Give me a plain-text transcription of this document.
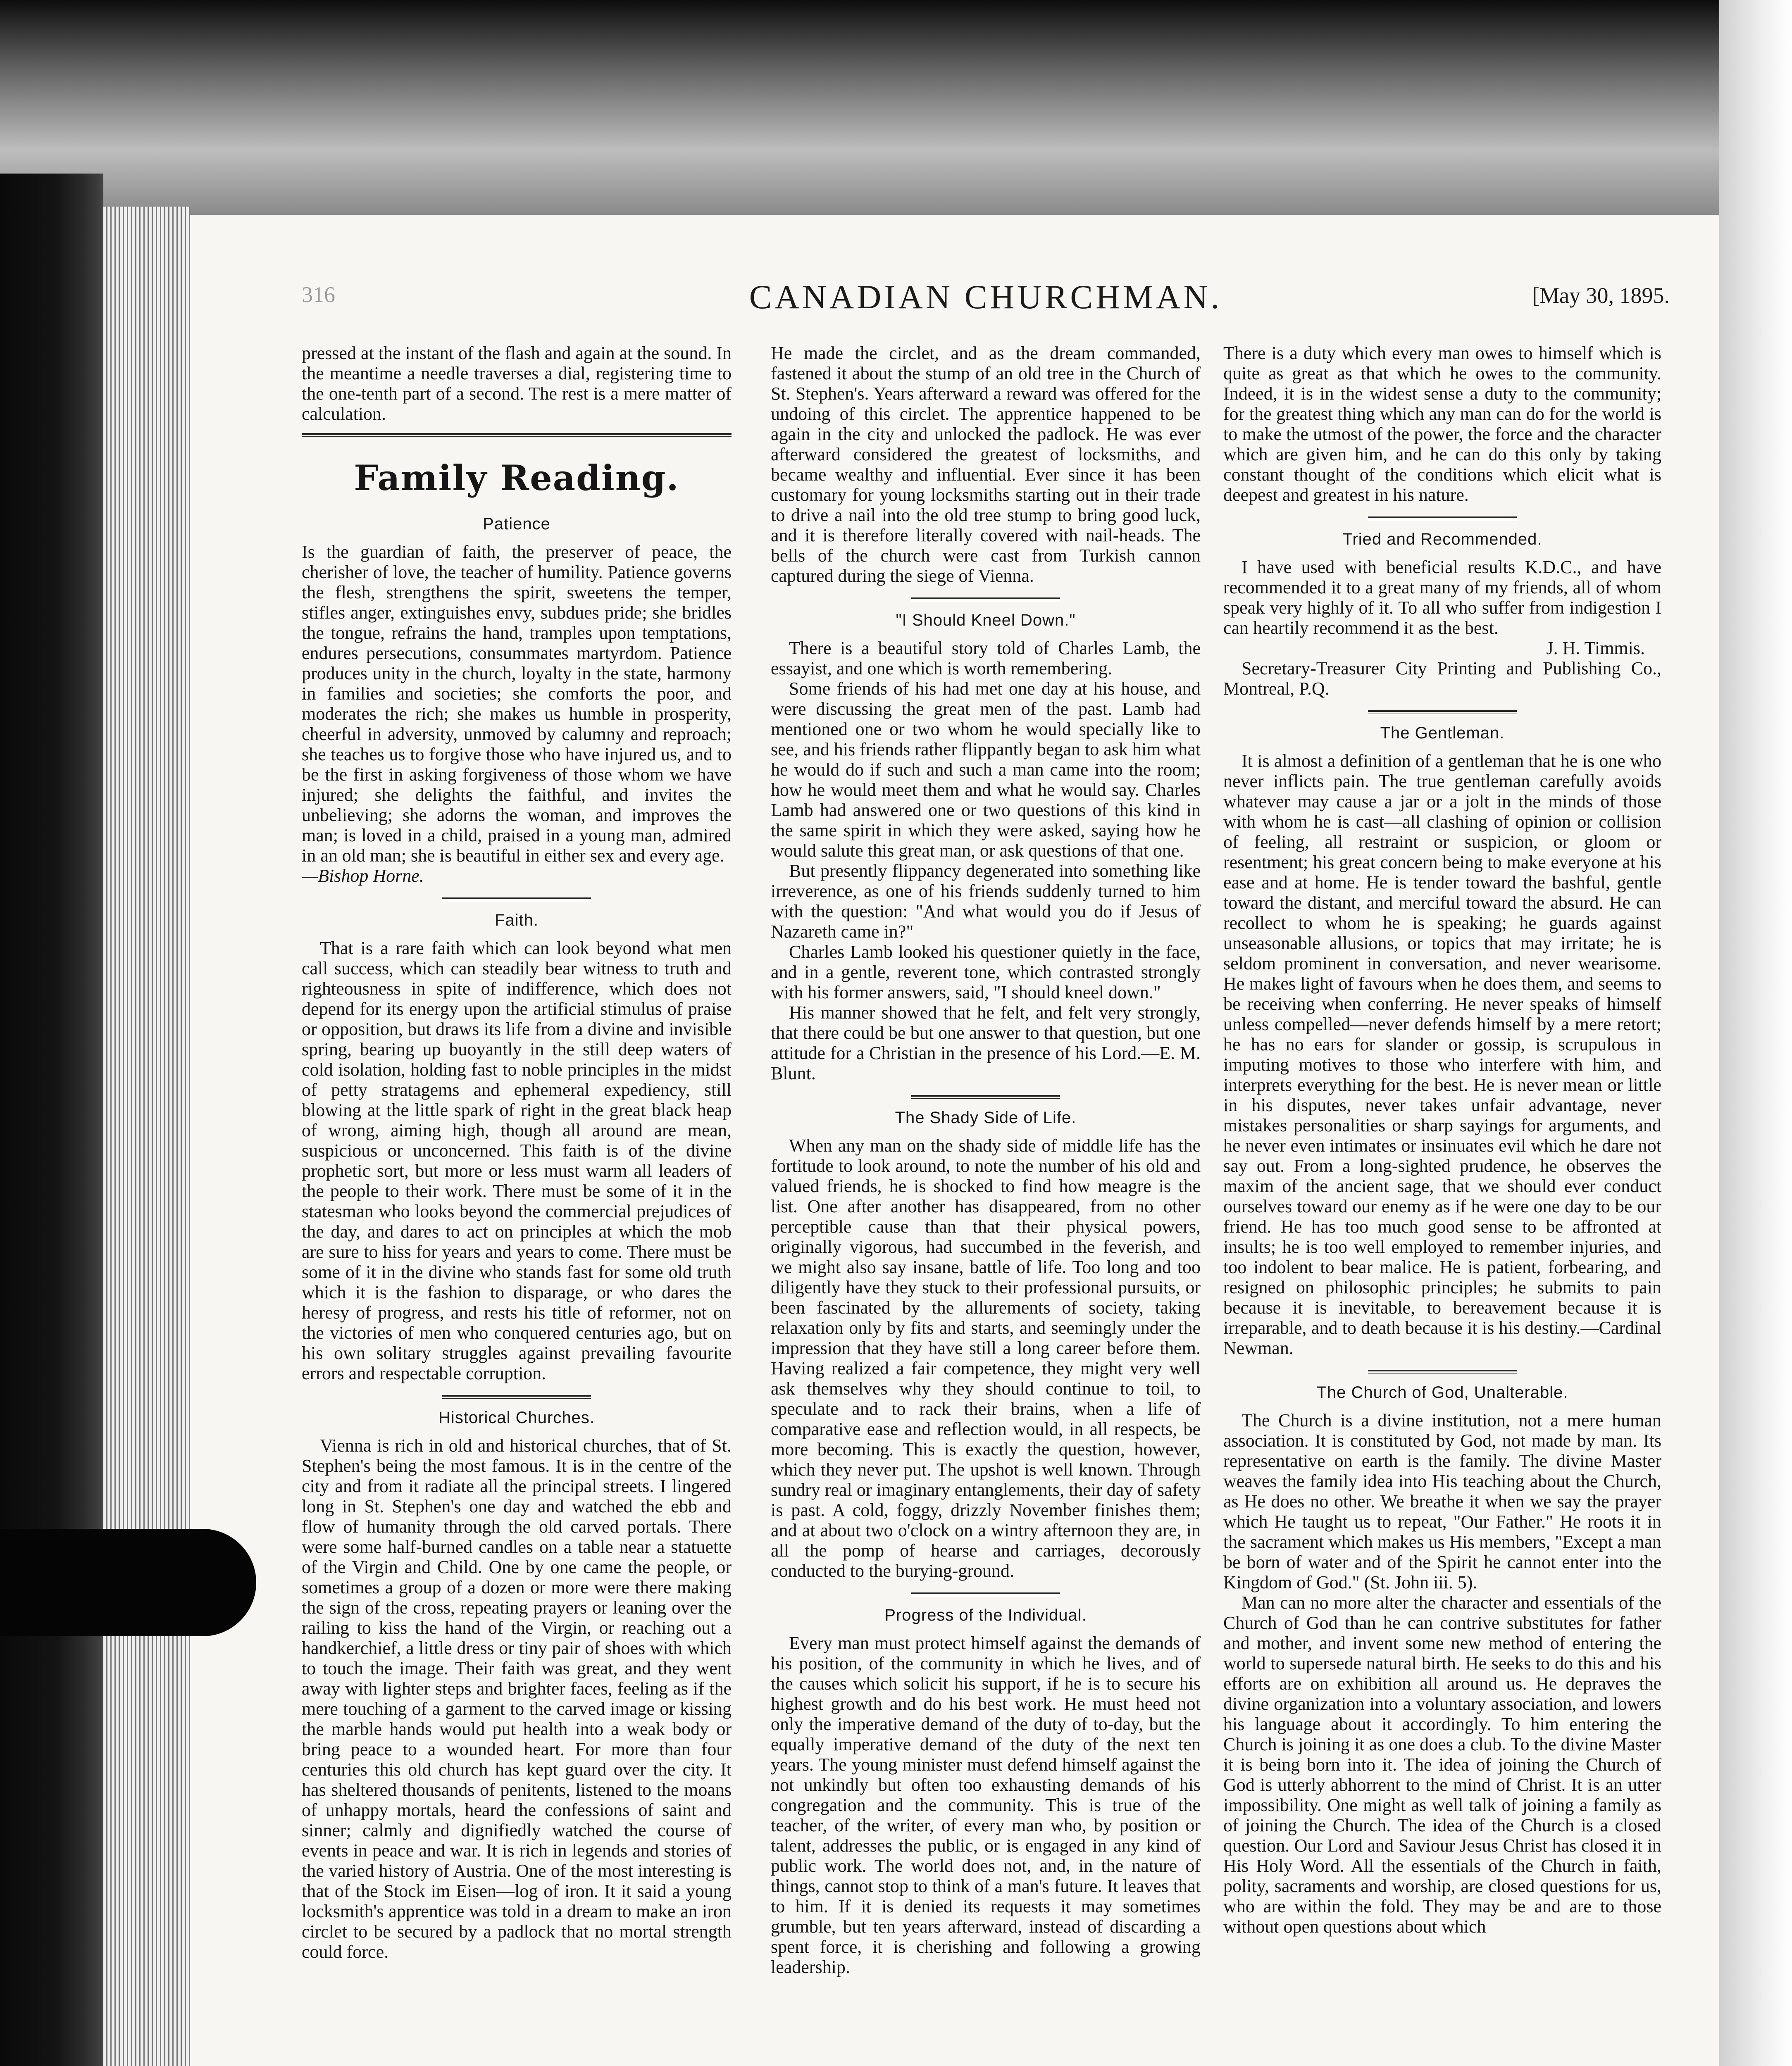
316	CANADIAN CHURCHMAN.	[May 30, 1895.

pressed at the instant of the flash and again at the sound. In the meantime a needle traverses a dial, registering time to the one-tenth part of a second. The rest is a mere matter of calculation.

Family Reading.
Patience

Is the guardian of faith, the preserver of peace, the cherisher of love, the teacher of humility. Patience governs the flesh, strengthens the spirit, sweetens the temper, stifles anger, extinguishes envy, subdues pride; she bridles the tongue, refrains the hand, tramples upon temptations, endures persecutions, consummates martyrdom. Patience produces unity in the church, loyalty in the state, harmony in families and societies; she comforts the poor, and moderates the rich; she makes us humble in prosperity, cheerful in adversity, unmoved by calumny and reproach; she teaches us to forgive those who have injured us, and to be the first in asking forgiveness of those whom we have injured; she delights the faithful, and invites the unbelieving; she adorns the woman, and improves the man; is loved in a child, praised in a young man, admired in an old man; she is beautiful in either sex and every age.

—Bishop Horne.

Faith.

That is a rare faith which can look beyond what men call success, which can steadily bear witness to truth and righteousness in spite of indifference, which does not depend for its energy upon the artificial stimulus of praise or opposition, but draws its life from a divine and invisible spring, bearing up buoyantly in the still deep waters of cold isolation, holding fast to noble principles in the midst of petty stratagems and ephemeral expediency, still blowing at the little spark of right in the great black heap of wrong, aiming high, though all around are mean, suspicious or unconcerned. This faith is of the divine prophetic sort, but more or less must warm all leaders of the people to their work. There must be some of it in the statesman who looks beyond the commercial prejudices of the day, and dares to act on principles at which the mob are sure to hiss for years and years to come. There must be some of it in the divine who stands fast for some old truth which it is the fashion to disparage, or who dares the heresy of progress, and rests his title of reformer, not on the victories of men who conquered centuries ago, but on his own solitary struggles against prevailing favourite errors and respectable corruption.

Historical Churches.

Vienna is rich in old and historical churches, that of St. Stephen's being the most famous. It is in the centre of the city and from it radiate all the principal streets. I lingered long in St. Stephen's one day and watched the ebb and flow of humanity through the old carved portals. There were some half-burned candles on a table near a statuette of the Virgin and Child. One by one came the people, or sometimes a group of a dozen or more were there making the sign of the cross, repeating prayers or leaning over the railing to kiss the hand of the Virgin, or reaching out a handkerchief, a little dress or tiny pair of shoes with which to touch the image. Their faith was great, and they went away with lighter steps and brighter faces, feeling as if the mere touching of a garment to the carved image or kissing the marble hands would put health into a weak body or bring peace to a wounded heart. For more than four centuries this old church has kept guard over the city. It has sheltered thousands of penitents, listened to the moans of unhappy mortals, heard the confessions of saint and sinner; calmly and dignifiedly watched the course of events in peace and war. It is rich in legends and stories of the varied history of Austria. One of the most interesting is that of the Stock im Eisen—log of iron. It it said a young locksmith's apprentice was told in a dream to make an iron circlet to be secured by a padlock that no mortal strength could force.

He made the circlet, and as the dream commanded, fastened it about the stump of an old tree in the Church of St. Stephen's. Years afterward a reward was offered for the undoing of this circlet. The apprentice happened to be again in the city and unlocked the padlock. He was ever afterward considered the greatest of locksmiths, and became wealthy and influential. Ever since it has been customary for young locksmiths starting out in their trade to drive a nail into the old tree stump to bring good luck, and it is therefore literally covered with nail-heads. The bells of the church were cast from Turkish cannon captured during the siege of Vienna.

"I Should Kneel Down."

There is a beautiful story told of Charles Lamb, the essayist, and one which is worth remembering.

Some friends of his had met one day at his house, and were discussing the great men of the past. Lamb had mentioned one or two whom he would specially like to see, and his friends rather flippantly began to ask him what he would do if such and such a man came into the room; how he would meet them and what he would say. Charles Lamb had answered one or two questions of this kind in the same spirit in which they were asked, saying how he would salute this great man, or ask questions of that one.

But presently flippancy degenerated into something like irreverence, as one of his friends suddenly turned to him with the question: "And what would you do if Jesus of Nazareth came in?"

Charles Lamb looked his questioner quietly in the face, and in a gentle, reverent tone, which contrasted strongly with his former answers, said, "I should kneel down."

His manner showed that he felt, and felt very strongly, that there could be but one answer to that question, but one attitude for a Christian in the presence of his Lord.—E. M. Blunt.

The Shady Side of Life.

When any man on the shady side of middle life has the fortitude to look around, to note the number of his old and valued friends, he is shocked to find how meagre is the list. One after another has disappeared, from no other perceptible cause than that their physical powers, originally vigorous, had succumbed in the feverish, and we might also say insane, battle of life. Too long and too diligently have they stuck to their professional pursuits, or been fascinated by the allurements of society, taking relaxation only by fits and starts, and seemingly under the impression that they have still a long career before them. Having realized a fair competence, they might very well ask themselves why they should continue to toil, to speculate and to rack their brains, when a life of comparative ease and reflection would, in all respects, be more becoming. This is exactly the question, however, which they never put. The upshot is well known. Through sundry real or imaginary entanglements, their day of safety is past. A cold, foggy, drizzly November finishes them; and at about two o'clock on a wintry afternoon they are, in all the pomp of hearse and carriages, decorously conducted to the burying-ground.

Progress of the Individual.

Every man must protect himself against the demands of his position, of the community in which he lives, and of the causes which solicit his support, if he is to secure his highest growth and do his best work. He must heed not only the imperative demand of the duty of to-day, but the equally imperative demand of the duty of the next ten years. The young minister must defend himself against the not unkindly but often too exhausting demands of his congregation and the community. This is true of the teacher, of the writer, of every man who, by position or talent, addresses the public, or is engaged in any kind of public work. The world does not, and, in the nature of things, cannot stop to think of a man's future. It leaves that to him. If it is denied its requests it may sometimes grumble, but ten years afterward, instead of discarding a spent force, it is cherishing and following a growing leadership.

There is a duty which every man owes to himself which is quite as great as that which he owes to the community. Indeed, it is in the widest sense a duty to the community; for the greatest thing which any man can do for the world is to make the utmost of the power, the force and the character which are given him, and he can do this only by taking constant thought of the conditions which elicit what is deepest and greatest in his nature.

Tried and Recommended.

I have used with beneficial results K.D.C., and have recommended it to a great many of my friends, all of whom speak very highly of it. To all who suffer from indigestion I can heartily recommend it as the best.

J. H. Timmis.

Secretary-Treasurer City Printing and Publishing Co., Montreal, P.Q.

The Gentleman.

It is almost a definition of a gentleman that he is one who never inflicts pain. The true gentleman carefully avoids whatever may cause a jar or a jolt in the minds of those with whom he is cast—all clashing of opinion or collision of feeling, all restraint or suspicion, or gloom or resentment; his great concern being to make everyone at his ease and at home. He is tender toward the bashful, gentle toward the distant, and merciful toward the absurd. He can recollect to whom he is speaking; he guards against unseasonable allusions, or topics that may irritate; he is seldom prominent in conversation, and never wearisome. He makes light of favours when he does them, and seems to be receiving when conferring. He never speaks of himself unless compelled—never defends himself by a mere retort; he has no ears for slander or gossip, is scrupulous in imputing motives to those who interfere with him, and interprets everything for the best. He is never mean or little in his disputes, never takes unfair advantage, never mistakes personalities or sharp sayings for arguments, and he never even intimates or insinuates evil which he dare not say out. From a long-sighted prudence, he observes the maxim of the ancient sage, that we should ever conduct ourselves toward our enemy as if he were one day to be our friend. He has too much good sense to be affronted at insults; he is too well employed to remember injuries, and too indolent to bear malice. He is patient, forbearing, and resigned on philosophic principles; he submits to pain because it is inevitable, to bereavement because it is irreparable, and to death because it is his destiny.—Cardinal Newman.

The Church of God, Unalterable.

The Church is a divine institution, not a mere human association. It is constituted by God, not made by man. Its representative on earth is the family. The divine Master weaves the family idea into His teaching about the Church, as He does no other. We breathe it when we say the prayer which He taught us to repeat, "Our Father." He roots it in the sacrament which makes us His members, "Except a man be born of water and of the Spirit he cannot enter into the Kingdom of God." (St. John iii. 5).

Man can no more alter the character and essentials of the Church of God than he can contrive substitutes for father and mother, and invent some new method of entering the world to supersede natural birth. He seeks to do this and his efforts are on exhibition all around us. He depraves the divine organization into a voluntary association, and lowers his language about it accordingly. To him entering the Church is joining it as one does a club. To the divine Master it is being born into it. The idea of joining the Church of God is utterly abhorrent to the mind of Christ. It is an utter impossibility. One might as well talk of joining a family as of joining the Church. The idea of the Church is a closed question. Our Lord and Saviour Jesus Christ has closed it in His Holy Word. All the essentials of the Church in faith, polity, sacraments and worship, are closed questions for us, who are within the fold. They may be and are to those without open questions about which
